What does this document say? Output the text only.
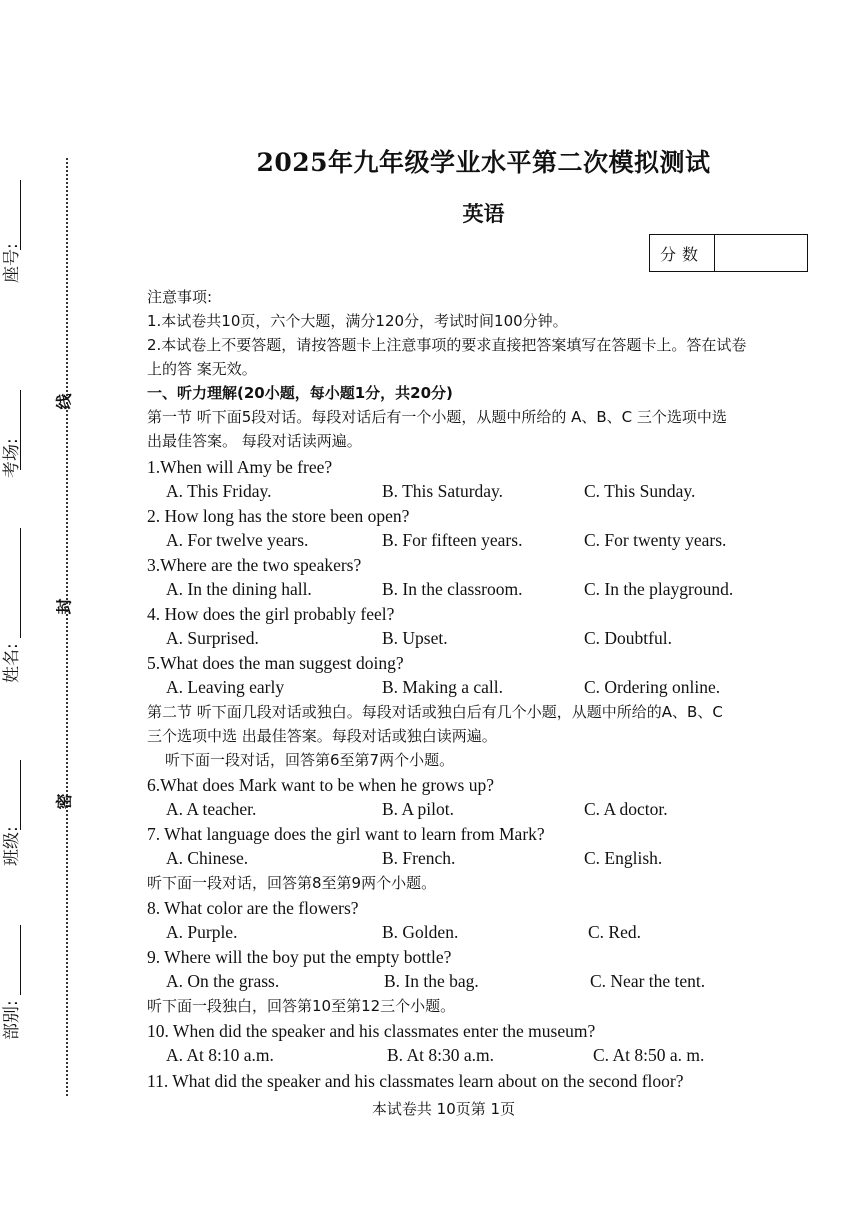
座号:
考场:
姓名:
班级:
部别:
线
封
密
2025年九年级学业水平第二次模拟测试
英语
分数
注意事项:
1.本试卷共10页，六个大题，满分120分，考试时间100分钟。
2.本试卷上不要答题，请按答题卡上注意事项的要求直接把答案填写在答题卡上。答在试卷
上的答 案无效。
一、听力理解(20小题，每小题1分，共20分)
第一节 听下面5段对话。每段对话后有一个小题，从题中所给的 A、B、C 三个选项中选
出最佳答案。 每段对话读两遍。
1.When will Amy be free?
A. This Friday.	B. This Saturday.	C. This Sunday.
2. How long has the store been open?
A. For twelve years.	B. For fifteen years.	C. For twenty years.
3.Where are the two speakers?
A. In the dining hall.	B. In the classroom.	C. In the playground.
4. How does the girl probably feel?
A. Surprised.	B. Upset.	C. Doubtful.
5.What does the man suggest doing?
A. Leaving early	B. Making a call.	C. Ordering online.
第二节 听下面几段对话或独白。每段对话或独白后有几个小题，从题中所给的A、B、C
三个选项中选 出最佳答案。每段对话或独白读两遍。
听下面一段对话，回答第6至第7两个小题。
6.What does Mark want to be when he grows up?
A. A teacher.	B. A pilot.	C. A doctor.
7. What language does the girl want to learn from Mark?
A. Chinese.	B. French.	C. English.
听下面一段对话，回答第8至第9两个小题。
8. What color are the flowers?
A. Purple.	B. Golden.	C. Red.
9. Where will the boy put the empty bottle?
A. On the grass.	B. In the bag.	C. Near the tent.
听下面一段独白，回答第10至第12三个小题。
10. When did the speaker and his classmates enter the museum?
A. At 8:10 a.m.	B. At 8:30 a.m.	C. At 8:50 a. m.
11. What did the speaker and his classmates learn about on the second floor?
本试卷共 10页第 1页
